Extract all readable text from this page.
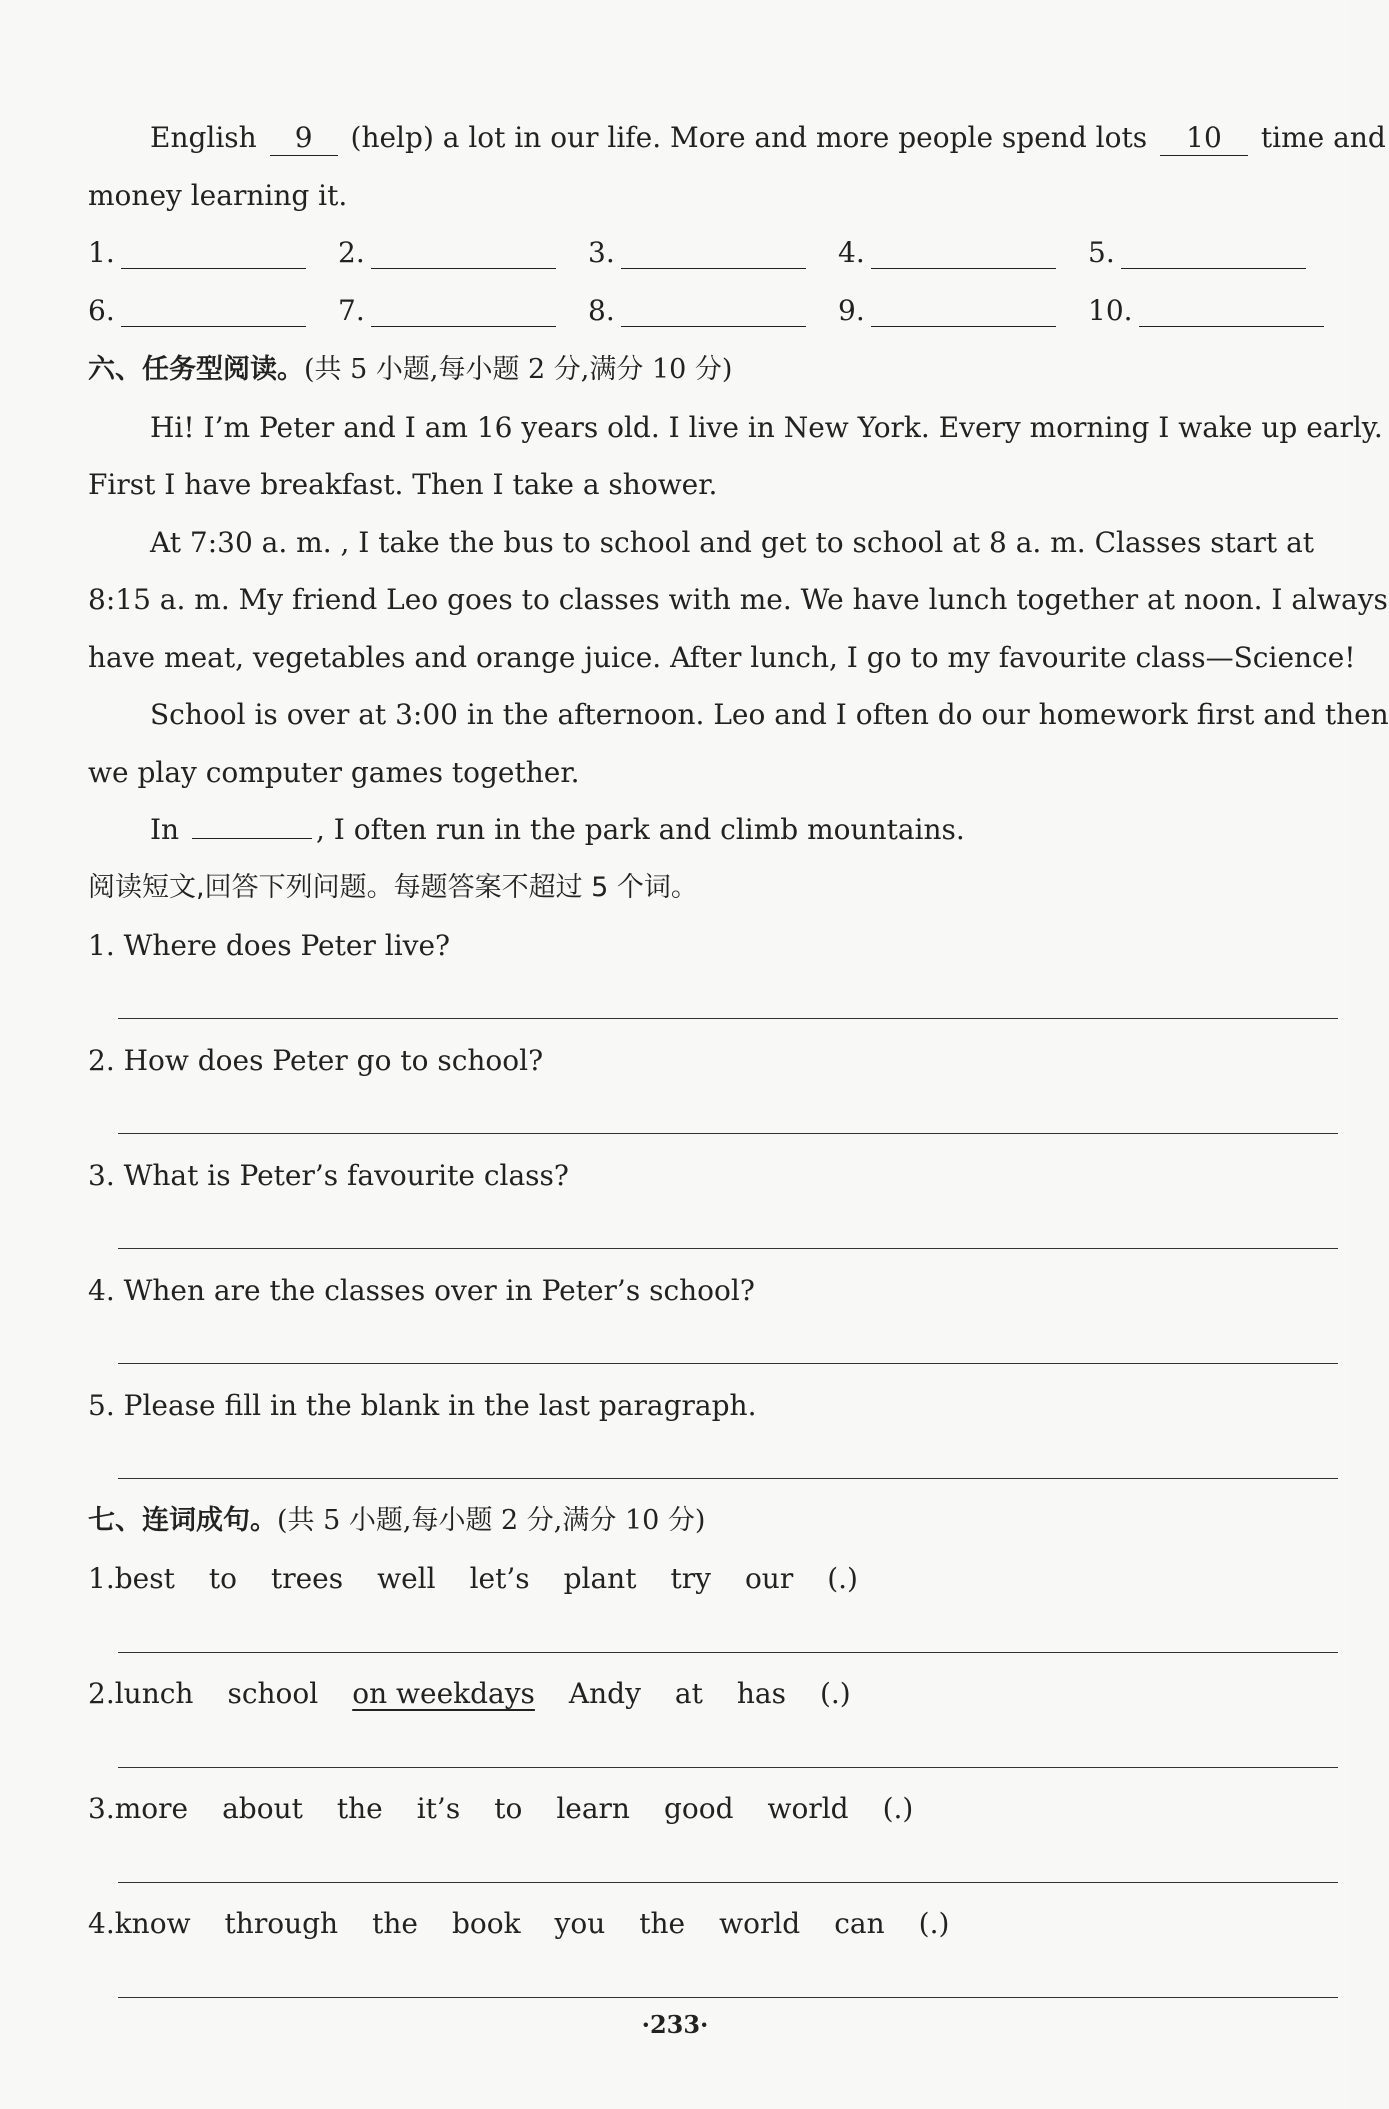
English 9 (help) a lot in our life. More and more people spend lots 10 time and
money learning it.
1.	2.	3.	4.	5.
6.	7.	8.	9.	10.
六、任务型阅读。(共 5 小题,每小题 2 分,满分 10 分)
Hi! I’m Peter and I am 16 years old. I live in New York. Every morning I wake up early.
First I have breakfast. Then I take a shower.
At 7:30 a. m. , I take the bus to school and get to school at 8 a. m. Classes start at
8:15 a. m. My friend Leo goes to classes with me. We have lunch together at noon. I always
have meat, vegetables and orange juice. After lunch, I go to my favourite class—Science!
School is over at 3:00 in the afternoon. Leo and I often do our homework first and then
we play computer games together.
In	, I often run in the park and climb mountains.
阅读短文,回答下列问题。每题答案不超过 5 个词。
1. Where does Peter live?
2. How does Peter go to school?
3. What is Peter’s favourite class?
4. When are the classes over in Peter’s school?
5. Please fill in the blank in the last paragraph.
七、连词成句。(共 5 小题,每小题 2 分,满分 10 分)
1.best to trees well let’s plant try our (.)
2.lunch school on weekdays Andy at has (.)
3.more about the it’s to learn good world (.)
4.know through the book you the world can (.)
·233·
